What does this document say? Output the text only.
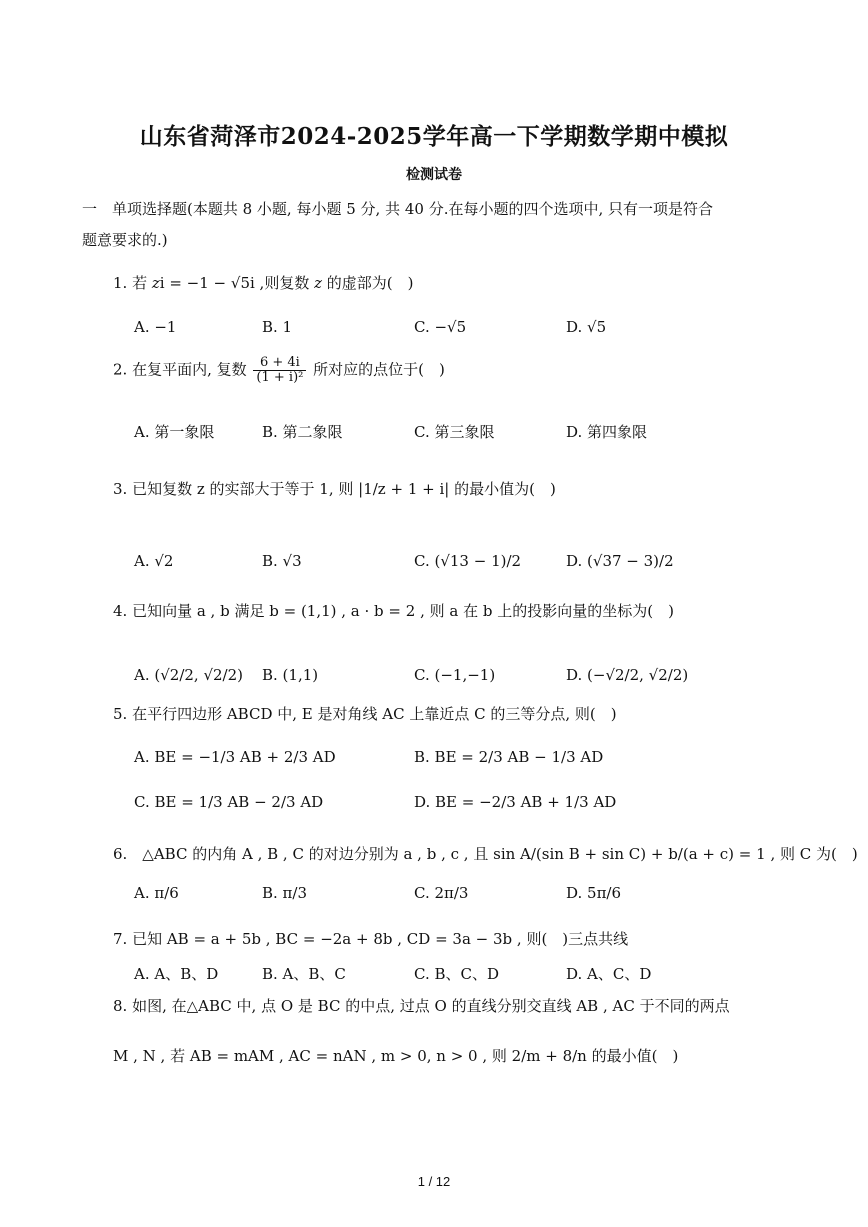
山东省菏泽市2024-2025学年高一下学期数学期中模拟
检测试卷
一　单项选择题(本题共 8 小题, 每小题 5 分, 共 40 分.在每小题的四个选项中, 只有一项是符合
题意要求的.)
1. 若 zi = −1 − √5i ,则复数 z 的虚部为(　)
A. −1	B. 1	C. −√5	D. √5
2. 在复平面内, 复数 $\frac{6 + 4i}{\text{(1 + i)²}}$ 所对应的点位于(　)
A. 第一象限	B. 第二象限	C. 第三象限	D. 第四象限
3. 已知复数 z 的实部大于等于 1, 则 |1/z + 1 + i| 的最小值为(　)
A. √2	B. √3	C. (√13 − 1)/2	D. (√37 − 3)/2
4. 已知向量 a , b 满足 b = (1,1) , a · b = 2 , 则 a 在 b 上的投影向量的坐标为(　)
A. (√2/2, √2/2) B. (1,1)	C. (−1,−1)	D. (−√2/2, √2/2)
5. 在平行四边形 ABCD 中, E 是对角线 AC 上靠近点 C 的三等分点, 则(　)
A. BE = −1/3 AB + 2/3 AD	B. BE = 2/3 AB − 1/3 AD
C. BE = 1/3 AB − 2/3 AD	D. BE = −2/3 AB + 1/3 AD
6.　△ABC 的内角 A , B , C 的对边分别为 a , b , c , 且 sin A/(sin B + sin C) + b/(a + c) = 1 , 则 C 为(　)
A. π/6	B. π/3	C. 2π/3	D. 5π/6
7. 已知 AB = a + 5b , BC = −2a + 8b , CD = 3a − 3b , 则(　)三点共线
A. A、B、D	B. A、B、C	C. B、C、D	D. A、C、D
8. 如图, 在△ABC 中, 点 O 是 BC 的中点, 过点 O 的直线分别交直线 AB , AC 于不同的两点
M , N , 若 AB = mAM , AC = nAN , m > 0, n > 0 , 则 2/m + 8/n 的最小值(　)
1 / 12
